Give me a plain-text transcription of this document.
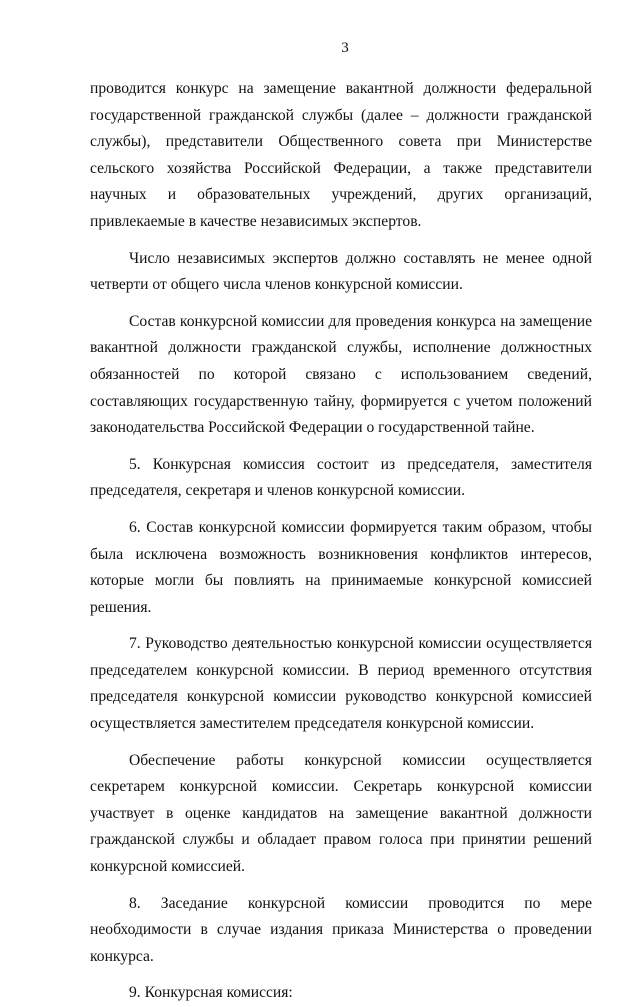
3

проводится конкурс на замещение вакантной должности федеральной государственной гражданской службы (далее – должности гражданской службы), представители Общественного совета при Министерстве сельского хозяйства Российской Федерации, а также представители научных и образовательных учреждений, других организаций, привлекаемые в качестве независимых экспертов.

Число независимых экспертов должно составлять не менее одной четверти от общего числа членов конкурсной комиссии.

Состав конкурсной комиссии для проведения конкурса на замещение вакантной должности гражданской службы, исполнение должностных обязанностей по которой связано с использованием сведений, составляющих государственную тайну, формируется с учетом положений законодательства Российской Федерации о государственной тайне.

5. Конкурсная комиссия состоит из председателя, заместителя председателя, секретаря и членов конкурсной комиссии.

6. Состав конкурсной комиссии формируется таким образом, чтобы была исключена возможность возникновения конфликтов интересов, которые могли бы повлиять на принимаемые конкурсной комиссией решения.

7. Руководство деятельностью конкурсной комиссии осуществляется председателем конкурсной комиссии. В период временного отсутствия председателя конкурсной комиссии руководство конкурсной комиссией осуществляется заместителем председателя конкурсной комиссии.

Обеспечение работы конкурсной комиссии осуществляется секретарем конкурсной комиссии. Секретарь конкурсной комиссии участвует в оценке кандидатов на замещение вакантной должности гражданской службы и обладает правом голоса при принятии решений конкурсной комиссией.

8. Заседание конкурсной комиссии проводится по мере необходимости в случае издания приказа Министерства о проведении конкурса.

9. Конкурсная комиссия:
